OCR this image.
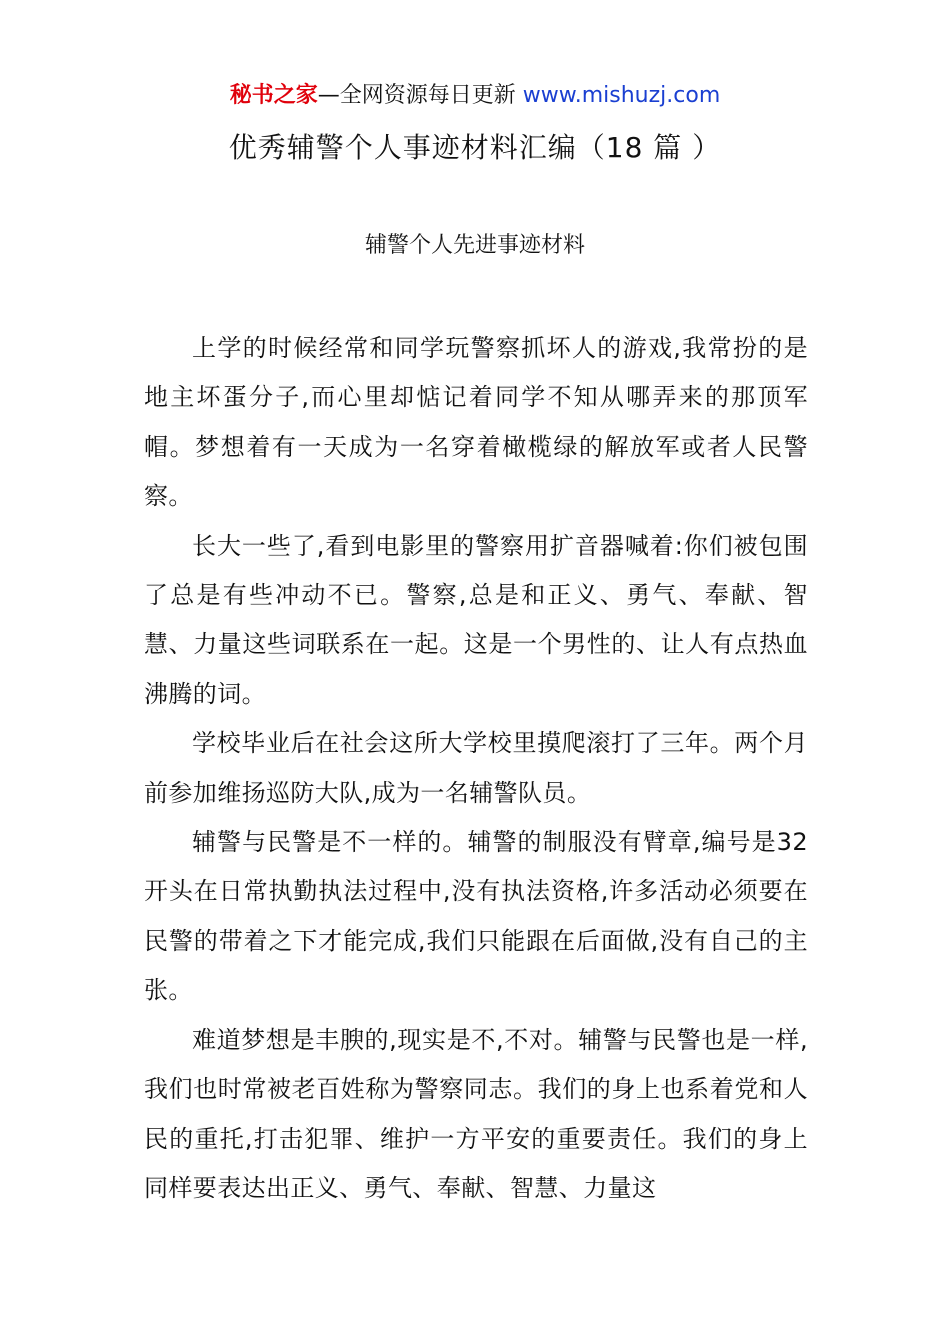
秘书之家—全网资源每日更新 www.mishuzj.com
优秀辅警个人事迹材料汇编（18 篇 ）
辅警个人先进事迹材料

上学的时候经常和同学玩警察抓坏人的游戏,我常扮的是地主坏蛋分子,而心里却惦记着同学不知从哪弄来的那顶军帽。梦想着有一天成为一名穿着橄榄绿的解放军或者人民警察。

长大一些了,看到电影里的警察用扩音器喊着:你们被包围了总是有些冲动不已。警察,总是和正义、勇气、奉献、智慧、力量这些词联系在一起。这是一个男性的、让人有点热血沸腾的词。

学校毕业后在社会这所大学校里摸爬滚打了三年。两个月前参加维扬巡防大队,成为一名辅警队员。

辅警与民警是不一样的。辅警的制服没有臂章,编号是32 开头在日常执勤执法过程中,没有执法资格,许多活动必须要在民警的带着之下才能完成,我们只能跟在后面做,没有自己的主张。

难道梦想是丰腴的,现实是不,不对。辅警与民警也是一样,我们也时常被老百姓称为警察同志。我们的身上也系着党和人民的重托,打击犯罪、维护一方平安的重要责任。我们的身上同样要表达出正义、勇气、奉献、智慧、力量这
